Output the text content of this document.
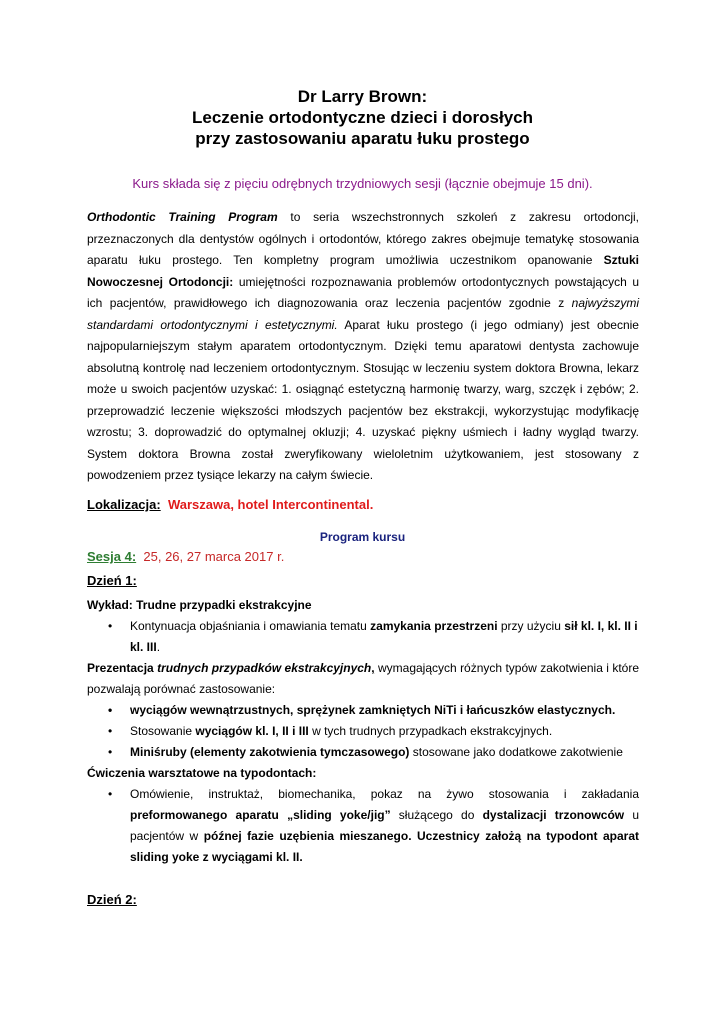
Dr Larry Brown:
Leczenie ortodontyczne dzieci i dorosłych
przy zastosowaniu aparatu łuku prostego
Kurs składa się z pięciu odrębnych trzydniowych sesji (łącznie obejmuje 15 dni).

Orthodontic Training Program to seria wszechstronnych szkoleń z zakresu ortodoncji, przeznaczonych dla dentystów ogólnych i ortodontów, którego zakres obejmuje tematykę stosowania aparatu łuku prostego. Ten kompletny program umożliwia uczestnikom opanowanie Sztuki Nowoczesnej Ortodoncji: umiejętności rozpoznawania problemów ortodontycznych powstających u ich pacjentów, prawidłowego ich diagnozowania oraz leczenia pacjentów zgodnie z najwyższymi standardami ortodontycznymi i estetycznymi. Aparat łuku prostego (i jego odmiany) jest obecnie najpopularniejszym stałym aparatem ortodontycznym. Dzięki temu aparatowi dentysta zachowuje absolutną kontrolę nad leczeniem ortodontycznym. Stosując w leczeniu system doktora Browna, lekarz może u swoich pacjentów uzyskać: 1. osiągnąć estetyczną harmonię twarzy, warg, szczęk i zębów; 2. przeprowadzić leczenie większości młodszych pacjentów bez ekstrakcji, wykorzystując modyfikację wzrostu; 3. doprowadzić do optymalnej okluzji; 4. uzyskać piękny uśmiech i ładny wygląd twarzy. System doktora Browna został zweryfikowany wieloletnim użytkowaniem, jest stosowany z powodzeniem przez tysiące lekarzy na całym świecie.

Lokalizacja: Warszawa, hotel Intercontinental.
Program kursu
Sesja 4: 25, 26, 27 marca 2017 r.
Dzień 1:

Wykład: Trudne przypadki ekstrakcyjne

• Kontynuacja objaśniania i omawiania tematu zamykania przestrzeni przy użyciu sił kl. I, kl. II i kl. III.

Prezentacja trudnych przypadków ekstrakcyjnych, wymagających różnych typów zakotwienia i które pozwalają porównać zastosowanie:

• wyciągów wewnątrzustnych, sprężynek zamkniętych NiTi i łańcuszków elastycznych.

• Stosowanie wyciągów kl. I, II i III w tych trudnych przypadkach ekstrakcyjnych.

• Miniśruby (elementy zakotwienia tymczasowego) stosowane jako dodatkowe zakotwienie

Ćwiczenia warsztatowe na typodontach:

• Omówienie, instruktaż, biomechanika, pokaz na żywo stosowania i zakładania preformowanego aparatu „sliding yoke/jig” służącego do dystalizacji trzonowców u pacjentów w późnej fazie uzębienia mieszanego. Uczestnicy założą na typodont aparat sliding yoke z wyciągami kl. II.

Dzień 2:
